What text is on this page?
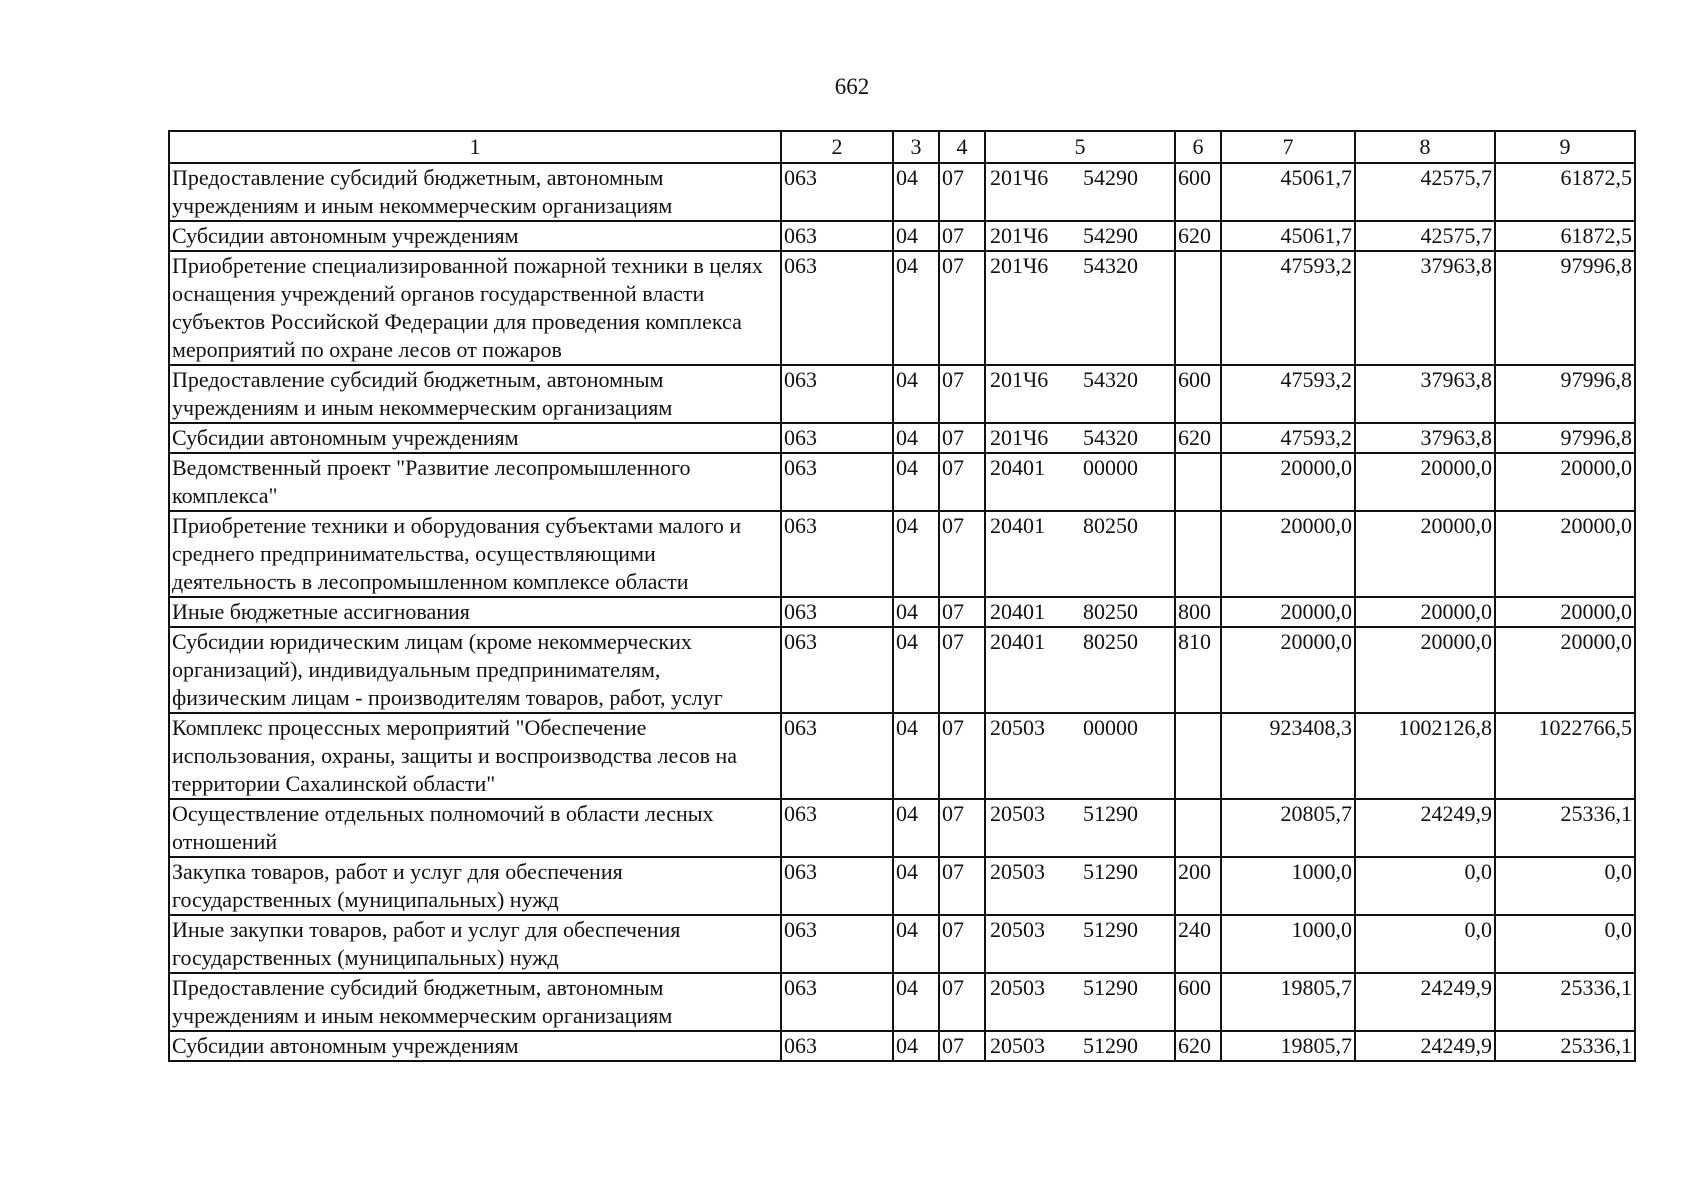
662
1	2	3	4	5	6	7	8	9
Предоставление субсидий бюджетным, автономным учреждениям и иным некоммерческим организациям	063	04	07	201Ч6 54290	600	45061,7	42575,7	61872,5
Субсидии автономным учреждениям	063	04	07	201Ч6 54290	620	45061,7	42575,7	61872,5
Приобретение специализированной пожарной техники в целях оснащения учреждений органов государственной власти субъектов Российской Федерации для проведения комплекса мероприятий по охране лесов от пожаров	063	04	07	201Ч6 54320		47593,2	37963,8	97996,8
Предоставление субсидий бюджетным, автономным учреждениям и иным некоммерческим организациям	063	04	07	201Ч6 54320	600	47593,2	37963,8	97996,8
Субсидии автономным учреждениям	063	04	07	201Ч6 54320	620	47593,2	37963,8	97996,8
Ведомственный проект "Развитие лесопромышленного комплекса"	063	04	07	20401 00000		20000,0	20000,0	20000,0
Приобретение техники и оборудования субъектами малого и среднего предпринимательства, осуществляющими деятельность в лесопромышленном комплексе области	063	04	07	20401 80250		20000,0	20000,0	20000,0
Иные бюджетные ассигнования	063	04	07	20401 80250	800	20000,0	20000,0	20000,0
Субсидии юридическим лицам (кроме некоммерческих организаций), индивидуальным предпринимателям, физическим лицам - производителям товаров, работ, услуг	063	04	07	20401 80250	810	20000,0	20000,0	20000,0
Комплекс процессных мероприятий "Обеспечение использования, охраны, защиты и воспроизводства лесов на территории Сахалинской области"	063	04	07	20503 00000		923408,3	1002126,8	1022766,5
Осуществление отдельных полномочий в области лесных отношений	063	04	07	20503 51290		20805,7	24249,9	25336,1
Закупка товаров, работ и услуг для обеспечения государственных (муниципальных) нужд	063	04	07	20503 51290	200	1000,0	0,0	0,0
Иные закупки товаров, работ и услуг для обеспечения государственных (муниципальных) нужд	063	04	07	20503 51290	240	1000,0	0,0	0,0
Предоставление субсидий бюджетным, автономным учреждениям и иным некоммерческим организациям	063	04	07	20503 51290	600	19805,7	24249,9	25336,1
Субсидии автономным учреждениям	063	04	07	20503 51290	620	19805,7	24249,9	25336,1
